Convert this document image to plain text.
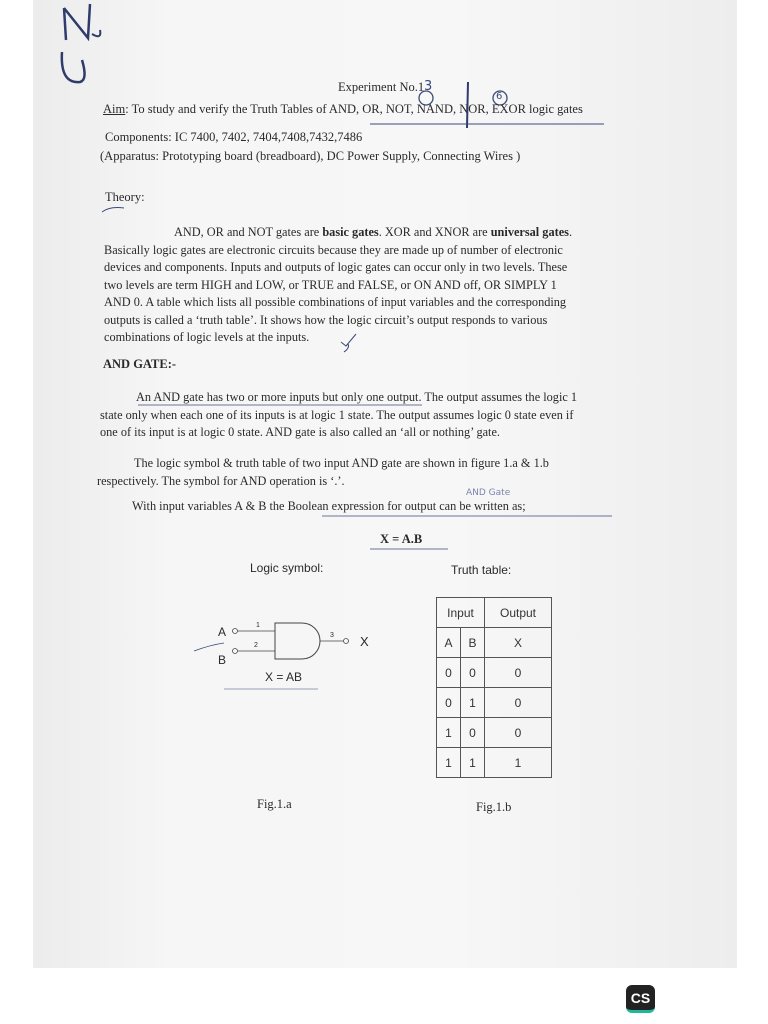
Experiment No.1 3
6
Aim: To study and verify the Truth Tables of AND, OR, NOT, NAND, NOR, EXOR logic gates
Components: IC 7400, 7402, 7404,7408,7432,7486
(Apparatus: Prototyping board (breadboard), DC Power Supply, Connecting Wires )
Theory:
AND, OR and NOT gates are basic gates. XOR and XNOR are universal gates.
Basically logic gates are electronic circuits because they are made up of number of electronic
devices and components. Inputs and outputs of logic gates can occur only in two levels. These
two levels are term HIGH and LOW, or TRUE and FALSE, or ON AND off, OR SIMPLY 1
AND 0. A table which lists all possible combinations of input variables and the corresponding
outputs is called a ‘truth table’. It shows how the logic circuit’s output responds to various
combinations of logic levels at the inputs.
AND GATE:-
An AND gate has two or more inputs but only one output. The output assumes the logic 1
state only when each one of its inputs is at logic 1 state. The output assumes logic 0 state even if
one of its input is at logic 0 state. AND gate is also called an ‘all or nothing’ gate.
The logic symbol & truth table of two input AND gate are shown in figure 1.a & 1.b
respectively. The symbol for AND operation is ‘.’.
AND Gate
With input variables A & B the Boolean expression for output can be written as;
X = A.B
Logic symbol:	Truth table:
A
B
X
1
2
3
X = AB
Input		Output
A	B	X
0	0	0
0	1	0
1	0	0
1	1	1
Fig.1.a	Fig.1.b
CS
